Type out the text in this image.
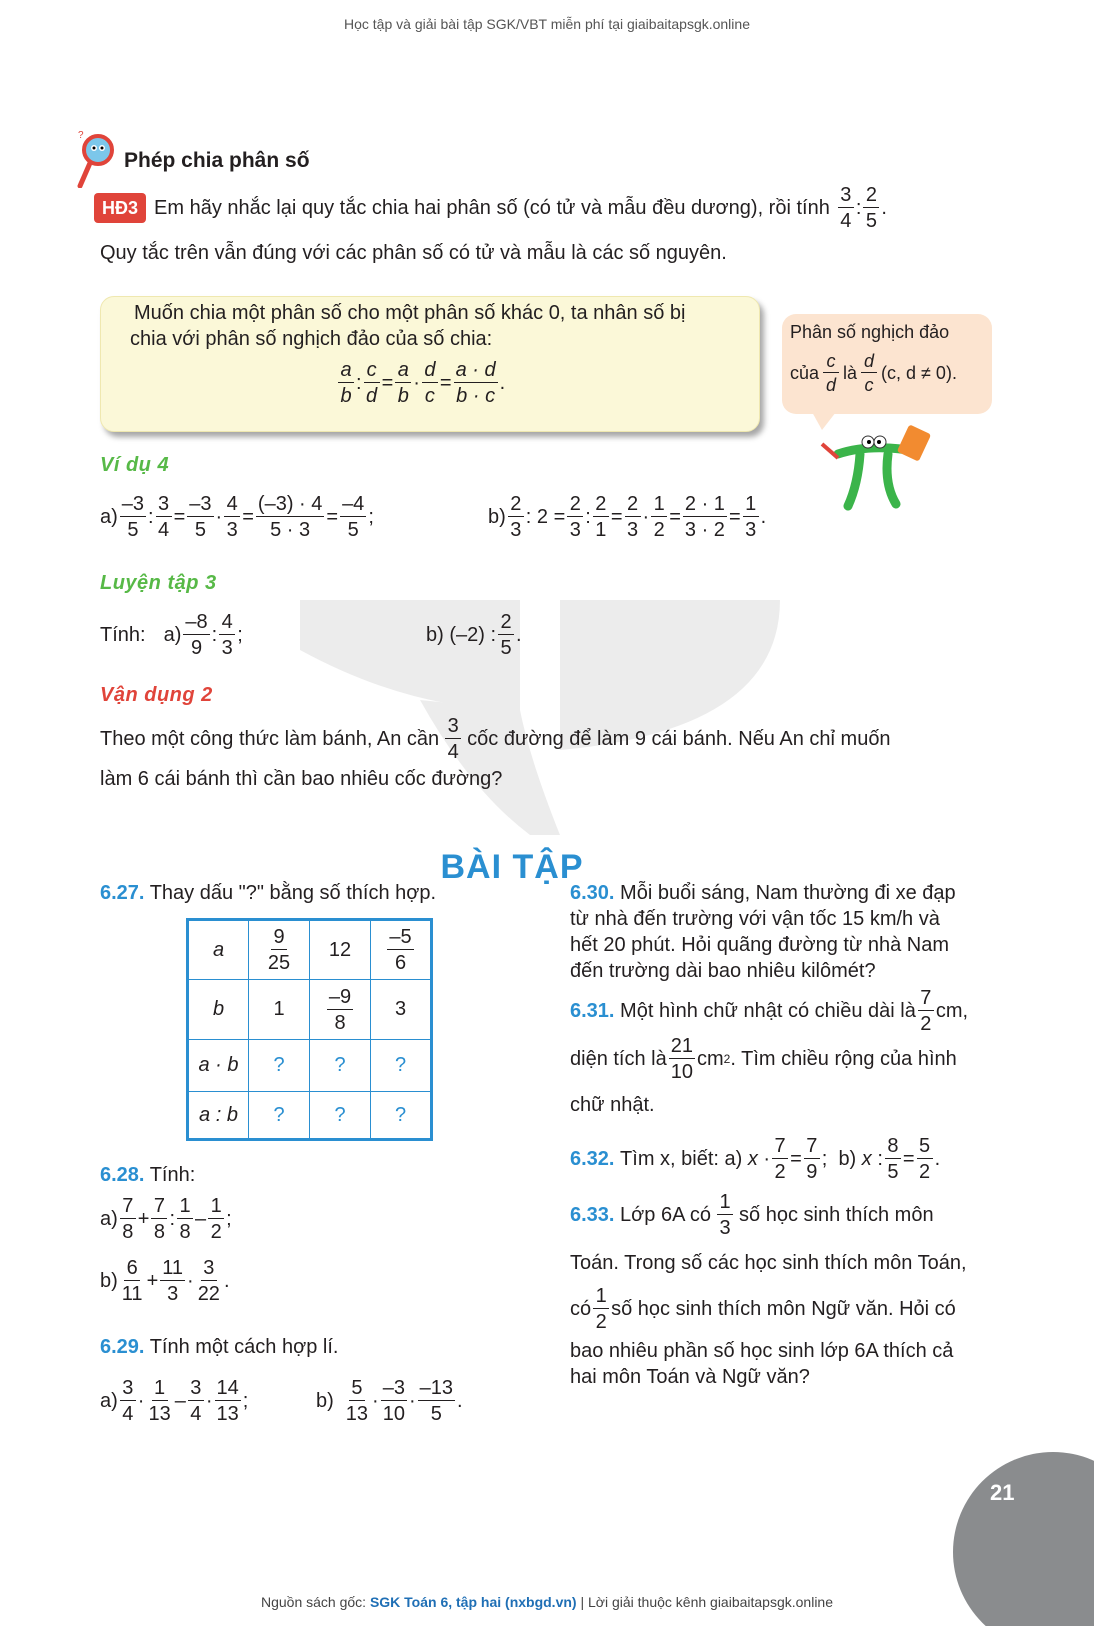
Học tập và giải bài tập SGK/VBT miễn phí tại giaibaitapsgk.online
?
Phép chia phân số
HĐ3 Em hãy nhắc lại quy tắc chia hai phân số (có tử và mẫu đều dương), rồi tính $\frac{3}{4}$ : $\frac{2}{5}$ .
Quy tắc trên vẫn đúng với các phân số có tử và mẫu là các số nguyên.
Muốn chia một phân số cho một phân số khác 0, ta nhân số bị
chia với phân số nghịch đảo của số chia:
$\frac{a}{b}$ : $\frac{c}{d} = \frac{a}{b} \cdot \frac{d}{c} = \frac{a \cdot d}{b \cdot c}$ .
Phân số nghịch đảo
của $\frac{c}{d}$ là $\frac{d}{c} (c$, d ≠ 0).
Ví dụ 4
$a) \frac{-3}{5}$ : $\frac{3}{4} = \frac{-3}{5} \cdot \frac{4}{3} = \frac{(-3) \cdot 4}{5 \cdot 3} = \frac{-4}{5}$ ;	$b) \frac{2}{3}$ : $2 = \frac{2}{3}$ : $\frac{2}{1} = \frac{2}{3} \cdot \frac{1}{2} = \frac{2 \cdot 1}{3 \cdot 2} = \frac{1}{3}$ .
Luyện tập 3
Tính: $a) \frac{-8}{9}$ : $\frac{4}{3}$ ;	b)
(–2) : $\frac{2}{5}$ .
Vận dụng 2
Theo một công thức làm bánh, An cần $\frac{3}{4}$ cốc đường để làm 9 cái bánh. Nếu An chỉ muốn
làm 6 cái bánh thì cần bao nhiêu cốc đường?
BÀI TẬP
6.27. Thay dấu "?" bằng số thích hợp.
a	$\frac{9}{25}$	12	$\frac{-5}{6}$

b	1	$\frac{-9}{8}$	3
a · b	?	?	?
a : b	?	?	?
6.28. Tính:
$a) \frac{7}{8} + \frac{7}{8}$ : $\frac{1}{8} - \frac{1}{2}$ ;
$b) \frac{6}{11} + \frac{11}{3} \cdot \frac{3}{22}$ .
6.29. Tính một cách hợp lí.
$a) \frac{3}{4} \cdot \frac{1}{13} - \frac{3}{4} \cdot \frac{14}{13}$ ;	$b) \frac{5}{13} \cdot \frac{-3}{10} \cdot \frac{-13}{5}$ .
6.30. Mỗi buổi sáng, Nam thường đi xe đạp
từ nhà đến trường với vận tốc 15 km/h và
hết 20 phút. Hỏi quãng đường từ nhà Nam
đến trường dài bao nhiêu kilômét?
6.31.
Một hình chữ nhật có chiều dài là $\frac{7}{2}$ cm,
diện tích là $\frac{21}{10}$ cm 2 . Tìm chiều rộng của hình
chữ nhật.
6.32.
Tìm x, biết:
a) $x \cdot \frac{7}{2} = \frac{7}{9}$ ; b) x : $\frac{8}{5} = \frac{5}{2}$ .
6.33.
Lớp 6A có $\frac{1}{3}$ số học sinh thích môn
Toán. Trong số các học sinh thích môn Toán,
có $\frac{1}{2}$ số học sinh thích môn Ngữ văn. Hỏi có
bao nhiêu phần số học sinh lớp 6A thích cả
hai môn Toán và Ngữ văn?
21
Nguồn sách gốc: SGK Toán 6, tập hai (nxbgd.vn) | Lời giải thuộc kênh giaibaitapsgk.online
